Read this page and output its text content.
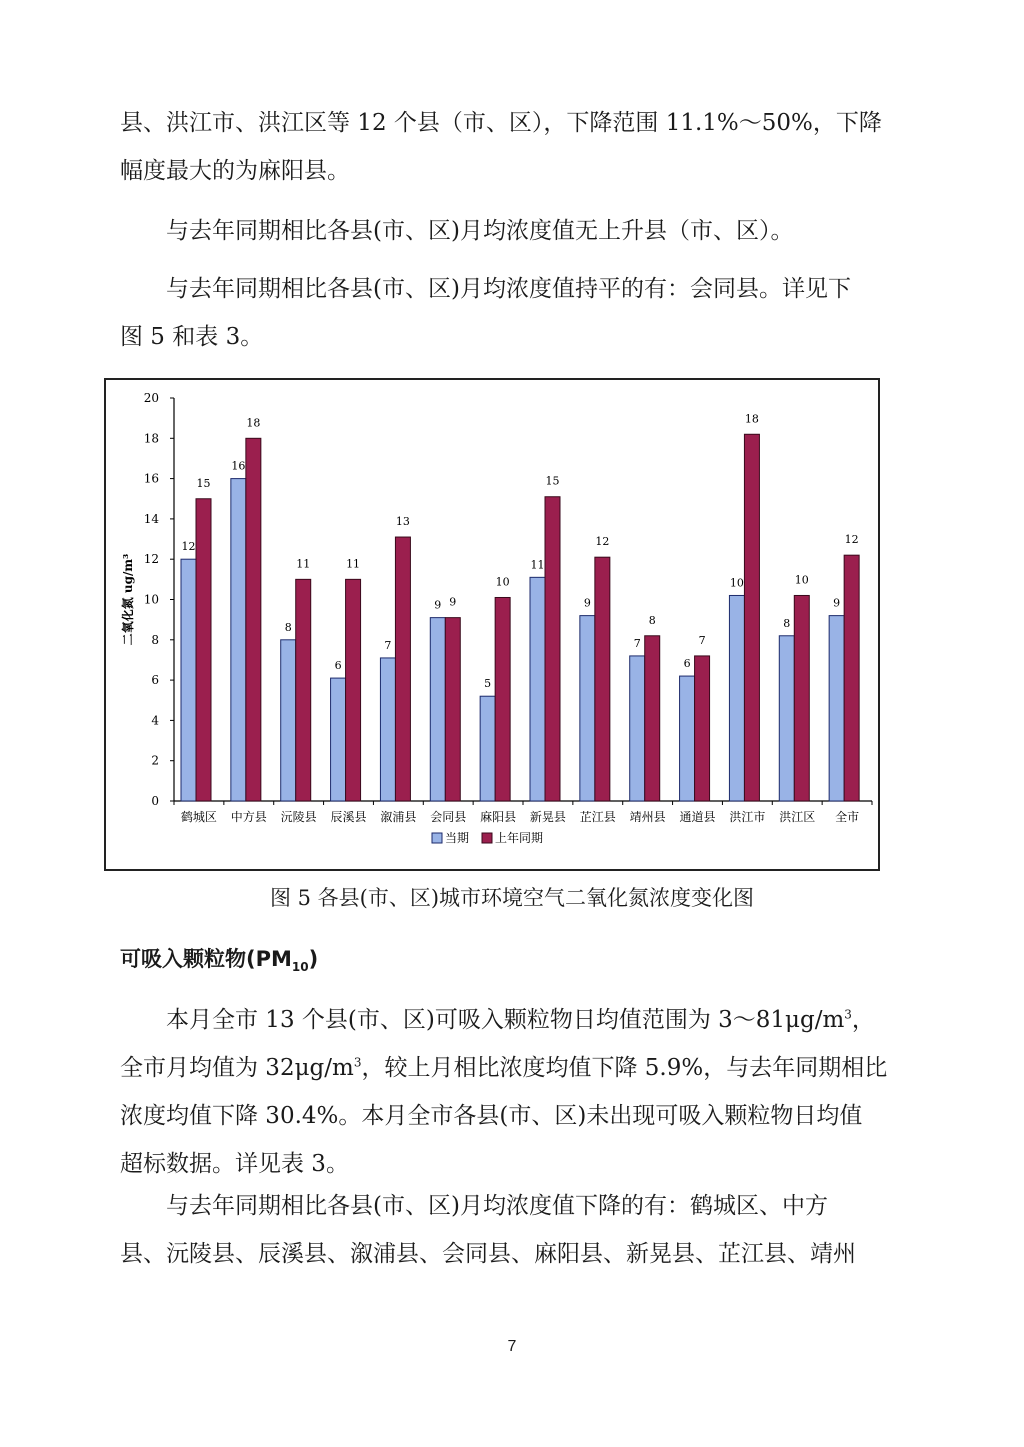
县、洪江市、洪江区等 12 个县（市、区），下降范围 11.1%～50%，下降
幅度最大的为麻阳县。

与去年同期相比各县(市、区)月均浓度值无上升县（市、区）。

与去年同期相比各县(市、区)月均浓度值持平的有：会同县。详见下
图 5 和表 3。

0
2
4
6
8
10
12
14
16
18
20
二氧化氮 ug/m³
12
15
鹤城区
16
18
中方县
8
11
沅陵县
6
11
辰溪县
7
13
溆浦县
9 9
会同县
5
10
麻阳县
11
15
新晃县
9
12
芷江县
7
8
靖州县
6
7
通道县
10
18
洪江市
8
10
洪江区
9
12
全市
当期 上年同期
图 5 各县(市、区)城市环境空气二氧化氮浓度变化图
可吸入颗粒物$(PM_{10})$

本月全市 13 个县(市、区)可吸入颗粒物日均值范围为 $3\sim 81\mu g/m^3$，
全市月均值为 $32\mu g/m^3$，较上月相比浓度均值下降 5.9%，与去年同期相比
浓度均值下降 30.4%。本月全市各县(市、区)未出现可吸入颗粒物日均值
超标数据。详见表 3。

与去年同期相比各县(市、区)月均浓度值下降的有：鹤城区、中方
县、沅陵县、辰溪县、溆浦县、会同县、麻阳县、新晃县、芷江县、靖州

7
